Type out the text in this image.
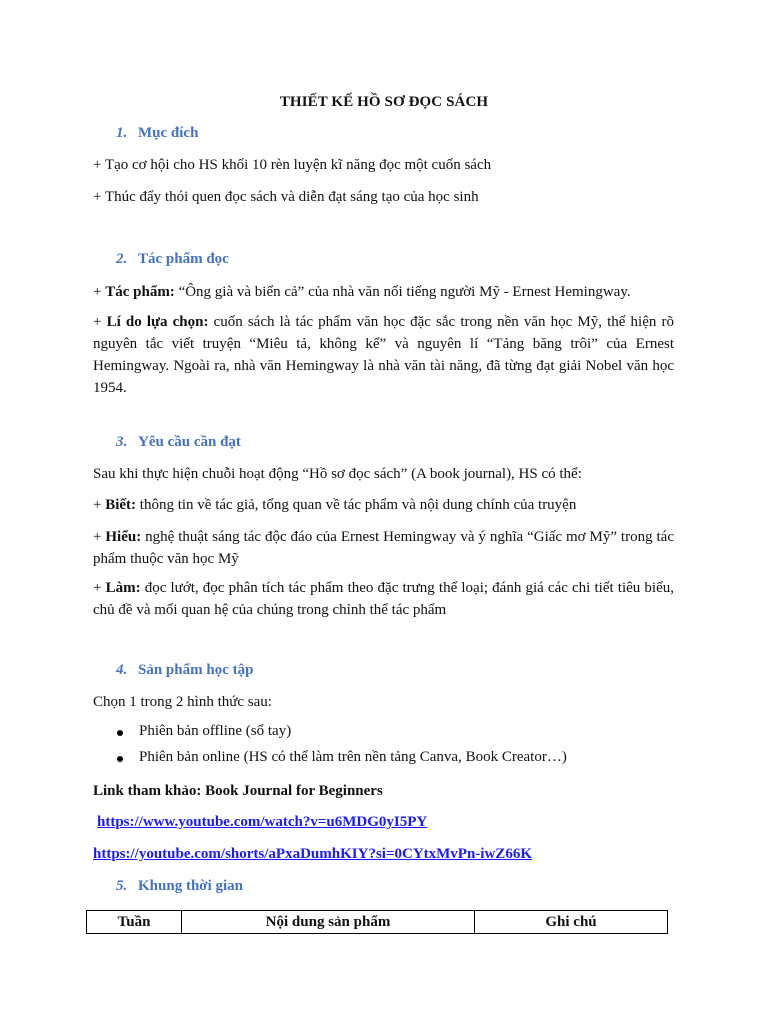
THIẾT KẾ HỒ SƠ ĐỌC SÁCH
1. Mục đích
+ Tạo cơ hội cho HS khối 10 rèn luyện kĩ năng đọc một cuốn sách
+ Thúc đẩy thói quen đọc sách và diễn đạt sáng tạo của học sinh
2. Tác phẩm đọc
+ Tác phẩm: “Ông già và biển cả” của nhà văn nổi tiếng người Mỹ - Ernest Hemingway.
+ Lí do lựa chọn: cuốn sách là tác phẩm văn học đặc sắc trong nền văn học Mỹ, thể hiện rõ nguyên tắc viết truyện “Miêu tả, không kể” và nguyên lí “Tảng băng trôi” của Ernest Hemingway. Ngoài ra, nhà văn Hemingway là nhà văn tài năng, đã từng đạt giải Nobel văn học 1954.
3. Yêu cầu cần đạt
Sau khi thực hiện chuỗi hoạt động “Hồ sơ đọc sách” (A book journal), HS có thể:
+ Biết: thông tin về tác giả, tổng quan về tác phẩm và nội dung chính của truyện
+ Hiểu: nghệ thuật sáng tác độc đáo của Ernest Hemingway và ý nghĩa “Giấc mơ Mỹ” trong tác phẩm thuộc văn học Mỹ
+ Làm: đọc lướt, đọc phân tích tác phẩm theo đặc trưng thể loại; đánh giá các chi tiết tiêu biểu, chủ đề và mối quan hệ của chúng trong chỉnh thể tác phẩm
4. Sản phẩm học tập
Chọn 1 trong 2 hình thức sau:
Phiên bản offline (sổ tay)
Phiên bản online (HS có thể làm trên nền tảng Canva, Book Creator…)
Link tham khảo: Book Journal for Beginners
https://www.youtube.com/watch?v=u6MDG0yI5PY
https://youtube.com/shorts/aPxaDumhKIY?si=0CYtxMvPn-iwZ66K
5. Khung thời gian
Tuần	Nội dung sản phẩm	Ghi chú
